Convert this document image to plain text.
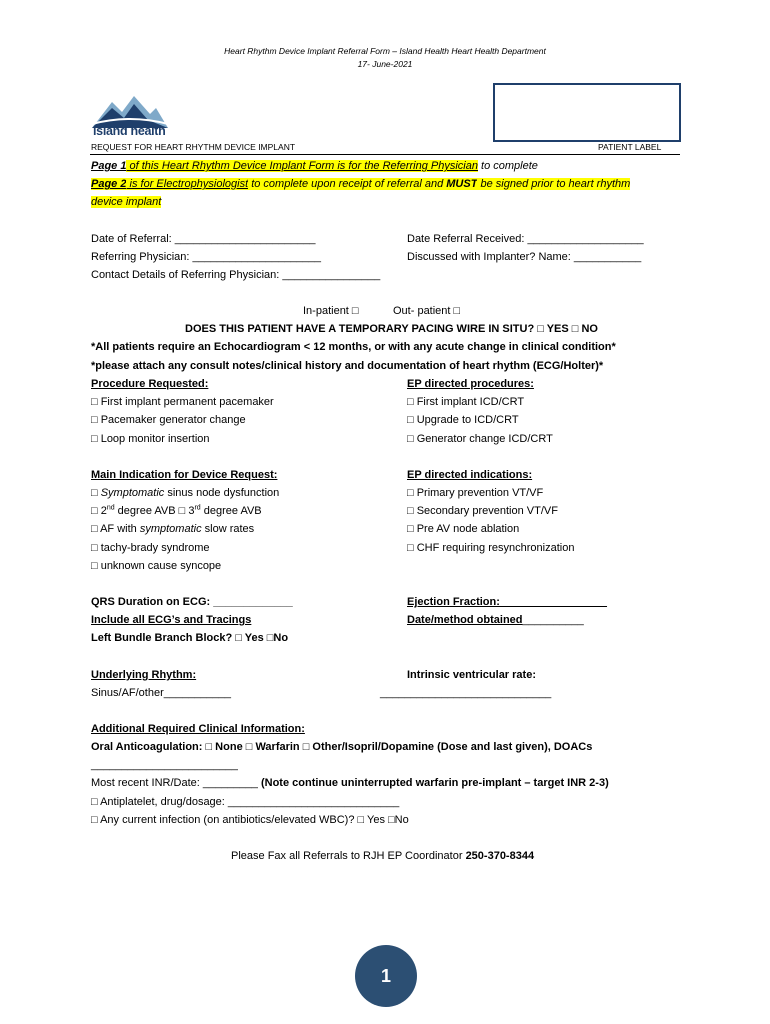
Heart Rhythm Device Implant Referral Form – Island Health Heart Health Department
17- June-2021
island health
REQUEST FOR HEART RHYTHM DEVICE IMPLANT	PATIENT LABEL
Page 1 of this Heart Rhythm Device Implant Form is for the Referring Physician to complete
Page 2 is for Electrophysiologist to complete upon receipt of referral and MUST be signed prior to heart rhythm
device implant
Date of Referral: _______________________
Referring Physician: _____________________
Contact Details of Referring Physician: ________________
Date Referral Received: ___________________
Discussed with Implanter? Name: ___________
In-patient □	Out- patient □
DOES THIS PATIENT HAVE A TEMPORARY PACING WIRE IN SITU? □ YES □ NO
*All patients require an Echocardiogram < 12 months, or with any acute change in clinical condition*
*please attach any consult notes/clinical history and documentation of heart rhythm (ECG/Holter)*
Procedure Requested:
□ First implant permanent pacemaker
□ Pacemaker generator change
□ Loop monitor insertion
EP directed procedures:
□ First implant ICD/CRT
□ Upgrade to ICD/CRT
□ Generator change ICD/CRT
Main Indication for Device Request:
□ Symptomatic sinus node dysfunction
□ 2nd degree AVB □ 3rd degree AVB
□ AF with symptomatic slow rates
□ tachy-brady syndrome
□ unknown cause syncope
EP directed indications:
□ Primary prevention VT/VF
□ Secondary prevention VT/VF
□ Pre AV node ablation
□ CHF requiring resynchronization
QRS Duration on ECG: _____________
Include all ECG’s and Tracings
Left Bundle Branch Block? □ Yes □No
Ejection Fraction: _________________
Date/method obtained__________
Underlying Rhythm:
Sinus/AF/other___________
Intrinsic ventricular rate:
____________________________
Additional Required Clinical Information:
Oral Anticoagulation: □ None □ Warfarin □ Other/Isopril/Dopamine (Dose and last given), DOACs
________________________
Most recent INR/Date: _________ (Note continue uninterrupted warfarin pre-implant – target INR 2-3)
□ Antiplatelet, drug/dosage: ____________________________
□ Any current infection (on antibiotics/elevated WBC)? □ Yes □No
Please Fax all Referrals to RJH EP Coordinator 250-370-8344
1
